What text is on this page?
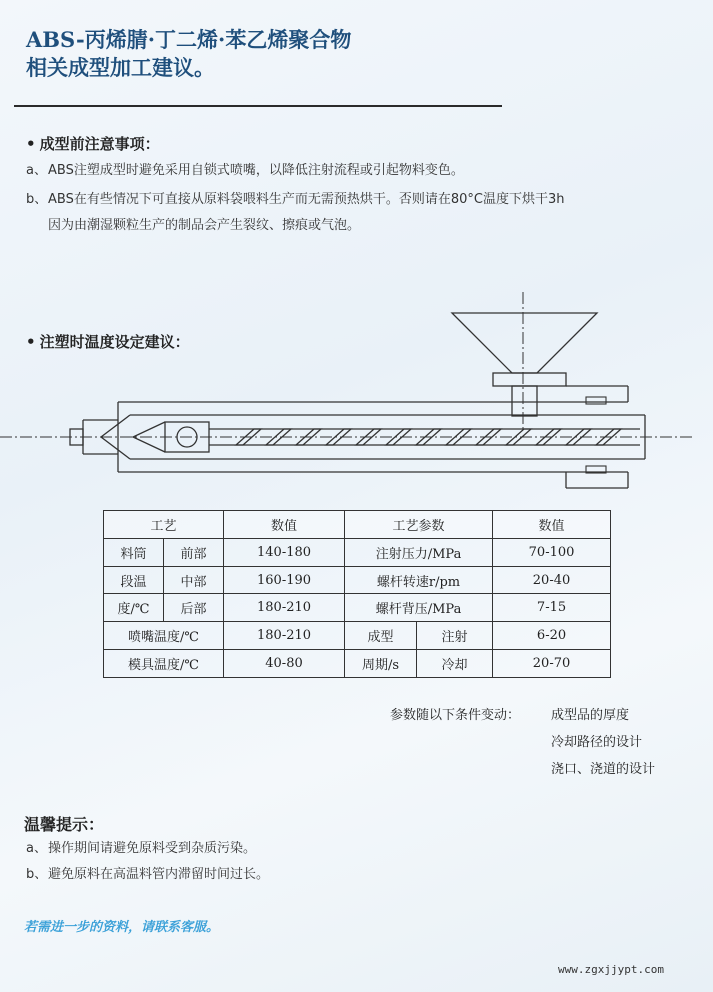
ABS-丙烯腈·丁二烯·苯乙烯聚合物
相关成型加工建议。
• 成型前注意事项：
a、ABS注塑成型时避免采用自锁式喷嘴，以降低注射流程或引起物料变色。
b、ABS在有些情况下可直接从原料袋喂料生产而无需预热烘干。否则请在80°C温度下烘干3h
因为由潮湿颗粒生产的制品会产生裂纹、擦痕或气泡。
• 注塑时温度设定建议：
工艺		数值	工艺参数		数值
料筒	前部	140-180	注射压力/MPa		70-100
段温	中部	160-190	螺杆转速r/pm		20-40
度/℃	后部	180-210	螺杆背压/MPa		7-15
喷嘴温度/℃		180-210	成型	注射	6-20
模具温度/℃		40-80	周期/s	冷却	20-70
参数随以下条件变动： 成型品的厚度
冷却路径的设计
浇口、浇道的设计
温馨提示：
a、操作期间请避免原料受到杂质污染。
b、避免原料在高温料管内滞留时间过长。
若需进一步的资料，请联系客服。
www.zgxjjypt.com
